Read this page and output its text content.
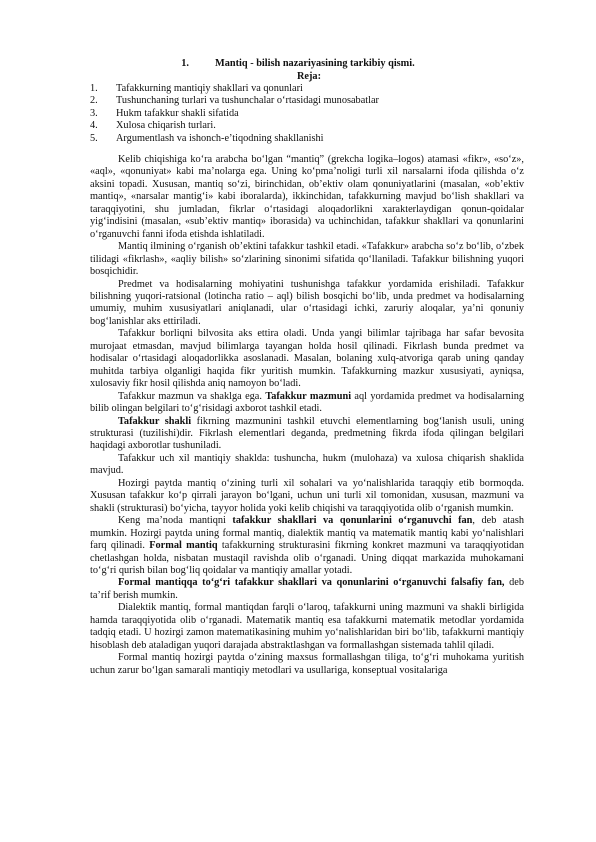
1.	Mantiq - bilish nazariyasining tarkibiy qismi.
Reja:
1. Tafakkurning mantiqiy shakllari va qonunlari
2. Tushunchaning turlari va tushunchalar o‘rtasidagi munosabatlar
3. Hukm tafakkur shakli sifatida
4. Xulosa chiqarish turlari.
5. Argumentlash va ishonch-e’tiqodning shakllanishi

Kelib chiqishiga ko‘ra arabcha bo‘lgan “mantiq” (grekcha logika–logos) atamasi «fikr», «so‘z», «aql», «qonuniyat» kabi ma’nolarga ega. Uning ko‘pma’noligi turli xil narsalarni ifoda qilishda o‘z aksini topadi. Xususan, mantiq so‘zi, birinchidan, ob’ektiv olam qonuniyatlarini (masalan, «ob’ektiv mantiq», «narsalar mantig‘i» kabi iboralarda), ikkinchidan, tafakkurning mavjud bo‘lish shakllari va taraqqiyotini, shu jumladan, fikrlar o‘rtasidagi aloqadorlikni xarakterlaydigan qonun-qoidalar yig‘indisini (masalan, «sub’ektiv mantiq» iborasida) va uchinchidan, tafakkur shakllari va qonunlarini o‘rganuvchi fanni ifoda etishda ishlatiladi.

Mantiq ilmining o‘rganish ob’ektini tafakkur tashkil etadi. «Tafakkur» arabcha so‘z bo‘lib, o‘zbek tilidagi «fikrlash», «aqliy bilish» so‘zlarining sinonimi sifatida qo‘llaniladi. Tafakkur bilishning yuqori bosqichidir.

Predmet va hodisalarning mohiyatini tushunishga tafakkur yordamida erishiladi. Tafakkur bilishning yuqori-ratsional (lotincha ratio – aql) bilish bosqichi bo‘lib, unda predmet va hodisalarning umumiy, muhim xususiyatlari aniqlanadi, ular o‘rtasidagi ichki, zaruriy aloqalar, ya’ni qonuniy bog‘lanishlar aks ettiriladi.

Tafakkur borliqni bilvosita aks ettira oladi. Unda yangi bilimlar tajribaga har safar bevosita murojaat etmasdan, mavjud bilimlarga tayangan holda hosil qilinadi. Fikrlash bunda predmet va hodisalar o‘rtasidagi aloqadorlikka asoslanadi. Masalan, bolaning xulq-atvoriga qarab uning qanday muhitda tarbiya olganligi haqida fikr yuritish mumkin. Tafakkurning mazkur xususiyati, ayniqsa, xulosaviy fikr hosil qilishda aniq namoyon bo‘ladi.

Tafakkur mazmun va shaklga ega. Tafakkur mazmuni aql yordamida predmet va hodisalarning bilib olingan belgilari to‘g‘risidagi axborot tashkil etadi.

Tafakkur shakli fikrning mazmunini tashkil etuvchi elementlarning bog‘lanish usuli, uning strukturasi (tuzilishi)dir. Fikrlash elementlari deganda, predmetning fikrda ifoda qilingan belgilari haqidagi axborotlar tushuniladi.

Tafakkur uch xil mantiqiy shaklda: tushuncha, hukm (mulohaza) va xulosa chiqarish shaklida mavjud.

Hozirgi paytda mantiq o‘zining turli xil sohalari va yo‘nalishlarida taraqqiy etib bormoqda. Xususan tafakkur ko‘p qirrali jarayon bo‘lgani, uchun uni turli xil tomonidan, xususan, mazmuni va shakli (strukturasi) bo‘yicha, tayyor holida yoki kelib chiqishi va taraqqiyotida olib o‘rganish mumkin.

Keng ma’noda mantiqni tafakkur shakllari va qonunlarini o‘rganuvchi fan, deb atash mumkin. Hozirgi paytda uning formal mantiq, dialektik mantiq va matematik mantiq kabi yo‘nalishlari farq qilinadi. Formal mantiq tafakkurning strukturasini fikrning konkret mazmuni va taraqqiyotidan chetlashgan holda, nisbatan mustaqil ravishda olib o‘rganadi. Uning diqqat markazida muhokamani to‘g‘ri qurish bilan bog‘liq qoidalar va mantiqiy amallar yotadi.

Formal mantiqqa to‘g‘ri tafakkur shakllari va qonunlarini o‘rganuvchi falsafiy fan, deb ta’rif berish mumkin.

Dialektik mantiq, formal mantiqdan farqli o‘laroq, tafakkurni uning mazmuni va shakli birligida hamda taraqqiyotida olib o‘rganadi. Matematik mantiq esa tafakkurni matematik metodlar yordamida tadqiq etadi. U hozirgi zamon matematikasining muhim yo‘nalishlaridan biri bo‘lib, tafakkurni mantiqiy hisoblash deb ataladigan yuqori darajada abstraktlashgan va formallashgan sistemada tahlil qiladi.

Formal mantiq hozirgi paytda o‘zining maxsus formallashgan tiliga, to‘g‘ri muhokama yuritish uchun zarur bo‘lgan samarali mantiqiy metodlari va usullariga, konseptual vositalariga
